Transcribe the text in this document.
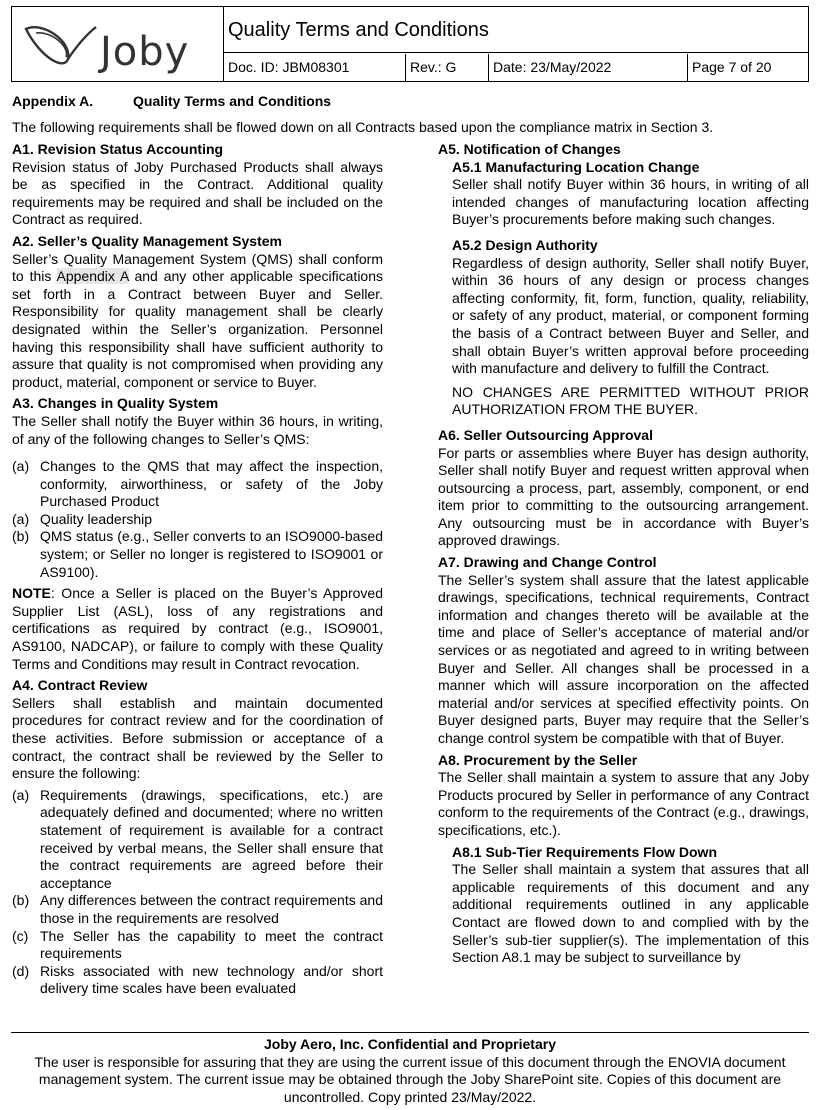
Joby Quality Terms and Conditions
Doc. ID: JBM08301	Rev.: G	Date: 23/May/2022	Page 7 of 20
Appendix A.	Quality Terms and Conditions
The following requirements shall be flowed down on all Contracts based upon the compliance matrix in Section 3.
A1. Revision Status Accounting
Revision status of Joby Purchased Products shall always be as specified in the Contract. Additional quality requirements may be required and shall be included on the Contract as required.
A2. Seller’s Quality Management System
Seller’s Quality Management System (QMS) shall conform to this Appendix A and any other applicable specifications set forth in a Contract between Buyer and Seller. Responsibility for quality management shall be clearly designated within the Seller’s organization. Personnel having this responsibility shall have sufficient authority to assure that quality is not compromised when providing any product, material, component or service to Buyer.
A3. Changes in Quality System
The Seller shall notify the Buyer within 36 hours, in writing, of any of the following changes to Seller’s QMS:
(a) Changes to the QMS that may affect the inspection, conformity, airworthiness, or safety of the Joby Purchased Product
(a) Quality leadership
(b) QMS status (e.g., Seller converts to an ISO9000-based system; or Seller no longer is registered to ISO9001 or AS9100).
NOTE: Once a Seller is placed on the Buyer’s Approved Supplier List (ASL), loss of any registrations and certifications as required by contract (e.g., ISO9001, AS9100, NADCAP), or failure to comply with these Quality Terms and Conditions may result in Contract revocation.
A4. Contract Review
Sellers shall establish and maintain documented procedures for contract review and for the coordination of these activities. Before submission or acceptance of a contract, the contract shall be reviewed by the Seller to ensure the following:
(a) Requirements (drawings, specifications, etc.) are adequately defined and documented; where no written statement of requirement is available for a contract received by verbal means, the Seller shall ensure that the contract requirements are agreed before their acceptance
(b) Any differences between the contract requirements and those in the requirements are resolved
(c) The Seller has the capability to meet the contract requirements
(d) Risks associated with new technology and/or short delivery time scales have been evaluated
A5. Notification of Changes
A5.1 Manufacturing Location Change
Seller shall notify Buyer within 36 hours, in writing of all intended changes of manufacturing location affecting Buyer’s procurements before making such changes.
A5.2 Design Authority
Regardless of design authority, Seller shall notify Buyer, within 36 hours of any design or process changes affecting conformity, fit, form, function, quality, reliability, or safety of any product, material, or component forming the basis of a Contract between Buyer and Seller, and shall obtain Buyer’s written approval before proceeding with manufacture and delivery to fulfill the Contract.
NO CHANGES ARE PERMITTED WITHOUT PRIOR AUTHORIZATION FROM THE BUYER.
A6. Seller Outsourcing Approval
For parts or assemblies where Buyer has design authority, Seller shall notify Buyer and request written approval when outsourcing a process, part, assembly, component, or end item prior to committing to the outsourcing arrangement. Any outsourcing must be in accordance with Buyer’s approved drawings.
A7. Drawing and Change Control
The Seller’s system shall assure that the latest applicable drawings, specifications, technical requirements, Contract information and changes thereto will be available at the time and place of Seller’s acceptance of material and/or services or as negotiated and agreed to in writing between Buyer and Seller. All changes shall be processed in a manner which will assure incorporation on the affected material and/or services at specified effectivity points. On Buyer designed parts, Buyer may require that the Seller’s change control system be compatible with that of Buyer.
A8. Procurement by the Seller
The Seller shall maintain a system to assure that any Joby Products procured by Seller in performance of any Contract conform to the requirements of the Contract (e.g., drawings, specifications, etc.).
A8.1 Sub-Tier Requirements Flow Down
The Seller shall maintain a system that assures that all applicable requirements of this document and any additional requirements outlined in any applicable Contact are flowed down to and complied with by the Seller’s sub-tier supplier(s). The implementation of this Section A8.1 may be subject to surveillance by
Joby Aero, Inc. Confidential and Proprietary
The user is responsible for assuring that they are using the current issue of this document through the ENOVIA document management system. The current issue may be obtained through the Joby SharePoint site. Copies of this document are uncontrolled. Copy printed 23/May/2022.
